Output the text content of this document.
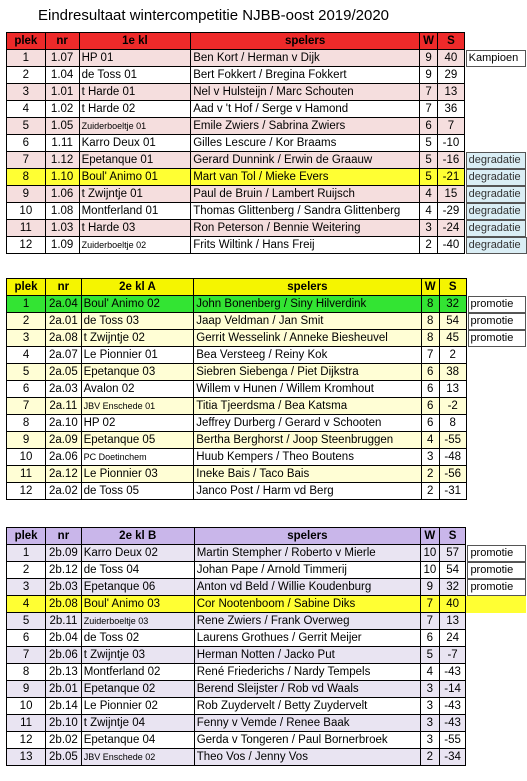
Eindresultaat wintercompetitie NJBB-oost 2019/2020
plek	nr	1e kl	spelers	W	S	
1	1.07	HP 01	Ben Kort / Herman v Dijk	9	40	Kampioen

2	1.04	de Toss 01	Bert Fokkert / Bregina Fokkert	9	29	
3	1.01	t Harde 01	Nel v Hulsteijn / Marc Schouten	7	13	
4	1.02	t Harde 02	Aad v 't Hof / Serge v Hamond	7	36	
5	1.05	Zuiderboeltje 01	Emile Zwiers / Sabrina Zwiers	6	7	
6	1.11	Karro Deux 01	Gilles Lescure / Kor Braams	5	-10	
7	1.12	Epetanque 01	Gerard Dunnink / Erwin de Graauw	5	-16	degradatie

8	1.10	Boul' Animo 01	Mart van Tol / Mieke Evers	5	-21	degradatie

9	1.06	t Zwijntje 01	Paul de Bruin / Lambert Ruijsch	4	15	degradatie

10	1.08	Montferland 01	Thomas Glittenberg / Sandra Glittenberg	4	-29	degradatie

11	1.03	t Harde 03	Ron Peterson / Bennie Weitering	3	-24	degradatie

12	1.09	Zuiderboeltje 02	Frits Wiltink / Hans Freij	2	-40	degradatie
plek	nr	2e kl A	spelers	W	S	
1	2a.04	Boul' Animo 02	John Bonenberg / Siny Hilverdink	8	32	promotie

2	2a.01	de Toss 03	Jaap Veldman / Jan Smit	8	54	promotie

3	2a.08	t Zwijntje 02	Gerrit Wesselink / Anneke Biesheuvel	8	45	promotie

4	2a.07	Le Pionnier 01	Bea Versteeg / Reiny Kok	7	2	
5	2a.05	Epetanque 03	Siebren Siebenga / Piet Dijkstra	6	38	
6	2a.03	Avalon 02	Willem v Hunen / Willem Kromhout	6	13	
7	2a.11	JBV Enschede 01	Titia Tjeerdsma / Bea Katsma	6	-2	
8	2a.10	HP 02	Jeffrey Durberg / Gerard v Schooten	6	8	
9	2a.09	Epetanque 05	Bertha Berghorst / Joop Steenbruggen	4	-55	
10	2a.06	PC Doetinchem	Huub Kempers / Theo Boutens	3	-48	
11	2a.12	Le Pionnier 03	Ineke Bais / Taco Bais	2	-56	
12	2a.02	de Toss 05	Janco Post / Harm vd Berg	2	-31	
plek	nr	2e kl B	spelers	W	S	
1	2b.09	Karro Deux 02	Martin Stempher / Roberto v Mierle	10	57	promotie

2	2b.12	de Toss 04	Johan Pape / Arnold Timmerij	10	54	promotie

3	2b.03	Epetanque 06	Anton vd Beld / Willie Koudenburg	9	32	promotie

4	2b.08	Boul' Animo 03	Cor Nootenboom / Sabine Diks	7	40	
5	2b.11	Zuiderboeltje 03	Rene Zwiers / Frank Overweg	7	13	
6	2b.04	de Toss 02	Laurens Grothues / Gerrit Meijer	6	24	
7	2b.06	t Zwijntje 03	Herman Notten / Jacko Put	5	-7	
8	2b.13	Montferland 02	René Friederichs / Nardy Tempels	4	-43	
9	2b.01	Epetanque 02	Berend Sleijster / Rob vd Waals	3	-14	
10	2b.14	Le Pionnier 02	Rob Zuydervelt / Betty Zuydervelt	3	-43	
11	2b.10	t Zwijntje 04	Fenny v Vemde / Renee Baak	3	-43	
12	2b.02	Epetanque 04	Gerda v Tongeren / Paul Bornerbroek	3	-55	
13	2b.05	JBV Enschede 02	Theo Vos / Jenny Vos	2	-34	
